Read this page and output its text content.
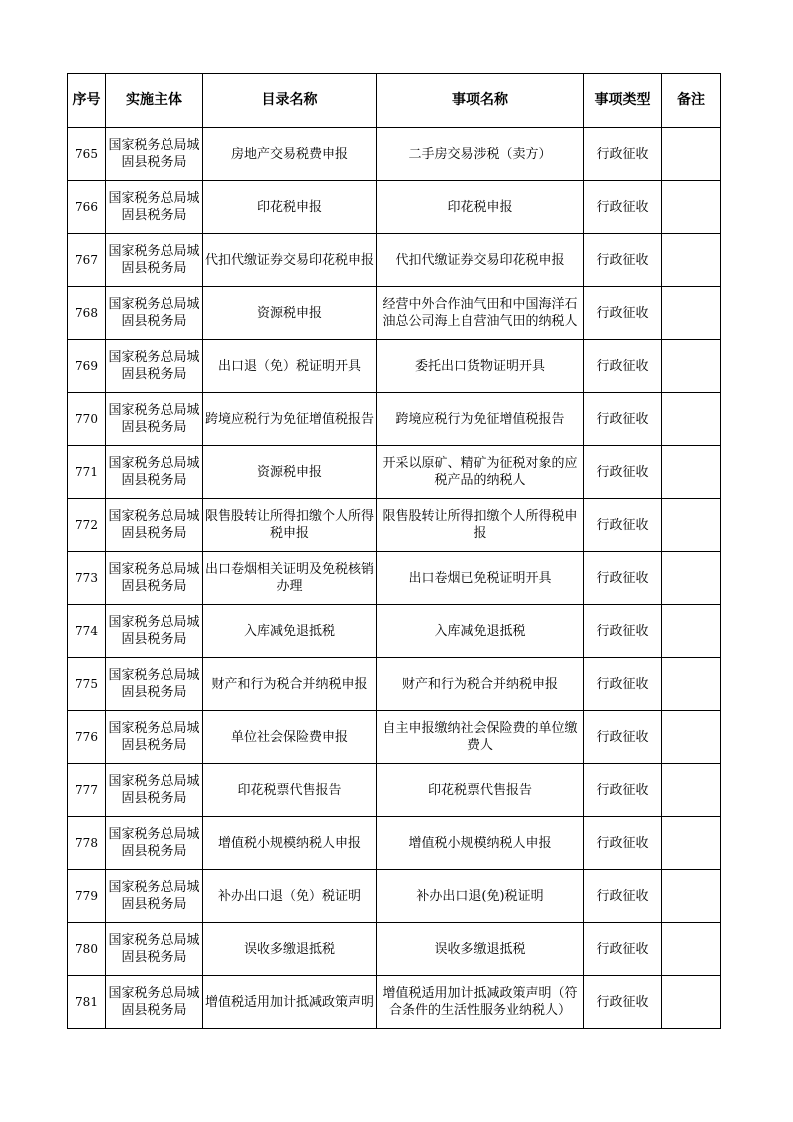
序号	实施主体	目录名称	事项名称	事项类型	备注
765	国家税务总局城固县税务局	房地产交易税费申报	二手房交易涉税（卖方）	行政征收	
766	国家税务总局城固县税务局	印花税申报	印花税申报	行政征收	
767	国家税务总局城固县税务局	代扣代缴证券交易印花税申报	代扣代缴证券交易印花税申报	行政征收	
768	国家税务总局城固县税务局	资源税申报	经营中外合作油气田和中国海洋石油总公司海上自营油气田的纳税人	行政征收	
769	国家税务总局城固县税务局	出口退（免）税证明开具	委托出口货物证明开具	行政征收	
770	国家税务总局城固县税务局	跨境应税行为免征增值税报告	跨境应税行为免征增值税报告	行政征收	
771	国家税务总局城固县税务局	资源税申报	开采以原矿、精矿为征税对象的应税产品的纳税人	行政征收	
772	国家税务总局城固县税务局	限售股转让所得扣缴个人所得税申报	限售股转让所得扣缴个人所得税申报	行政征收	
773	国家税务总局城固县税务局	出口卷烟相关证明及免税核销办理	出口卷烟已免税证明开具	行政征收	
774	国家税务总局城固县税务局	入库减免退抵税	入库减免退抵税	行政征收	
775	国家税务总局城固县税务局	财产和行为税合并纳税申报	财产和行为税合并纳税申报	行政征收	
776	国家税务总局城固县税务局	单位社会保险费申报	自主申报缴纳社会保险费的单位缴费人	行政征收	
777	国家税务总局城固县税务局	印花税票代售报告	印花税票代售报告	行政征收	
778	国家税务总局城固县税务局	增值税小规模纳税人申报	增值税小规模纳税人申报	行政征收	
779	国家税务总局城固县税务局	补办出口退（免）税证明	补办出口退(免)税证明	行政征收	
780	国家税务总局城固县税务局	误收多缴退抵税	误收多缴退抵税	行政征收	
781	国家税务总局城固县税务局	增值税适用加计抵减政策声明	增值税适用加计抵减政策声明（符合条件的生活性服务业纳税人）	行政征收	
